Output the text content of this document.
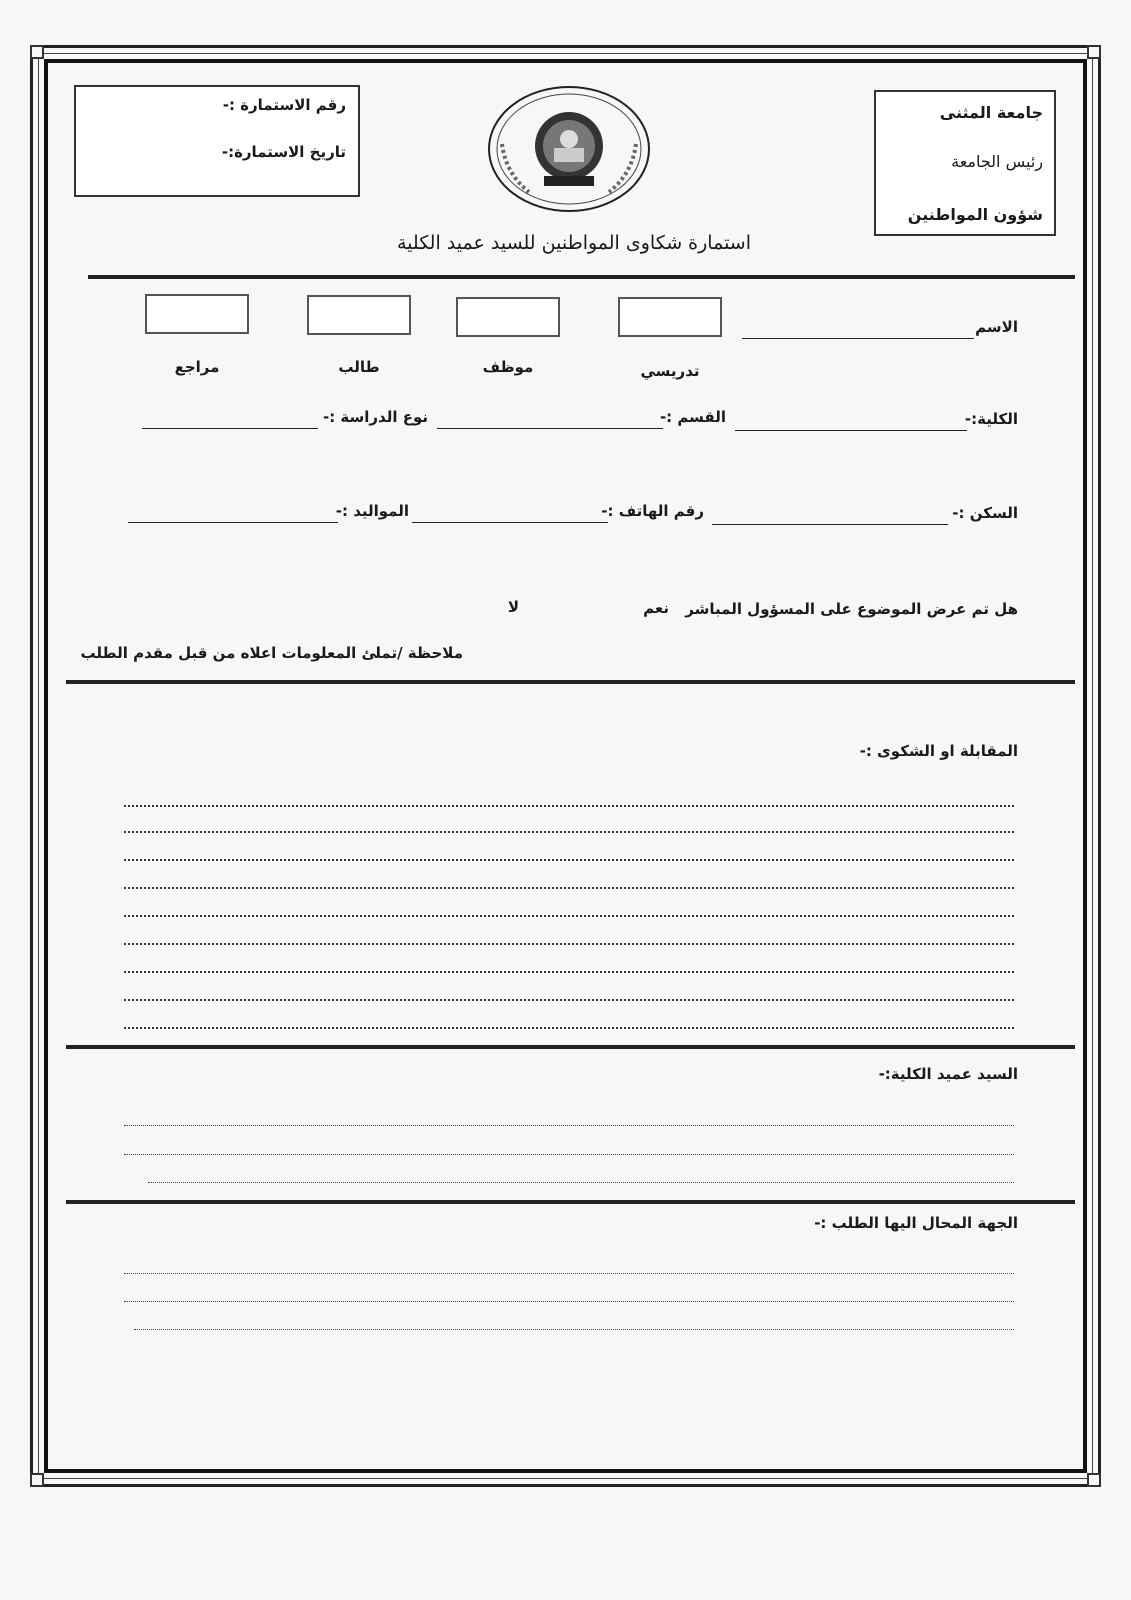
جامعة المثنى
رئيس الجامعة
شؤون المواطنين
رقم الاستمارة :-
تاريخ الاستمارة:-
استمارة شكاوى المواطنين للسيد عميد الكلية
الاسم
تدريسي
موظف
طالب
مراجع
الكلية:-
القسم :-
نوع الدراسة :-
السكن :-
رقم الهاتف :-
المواليد :-
هل تم عرض الموضوع على المسؤول المباشر
نعم
لا
ملاحظة /تملئ المعلومات اعلاه من قبل مقدم الطلب
المقابلة او الشكوى :-
السيد عميد الكلية:-
الجهة المحال اليها الطلب :-
